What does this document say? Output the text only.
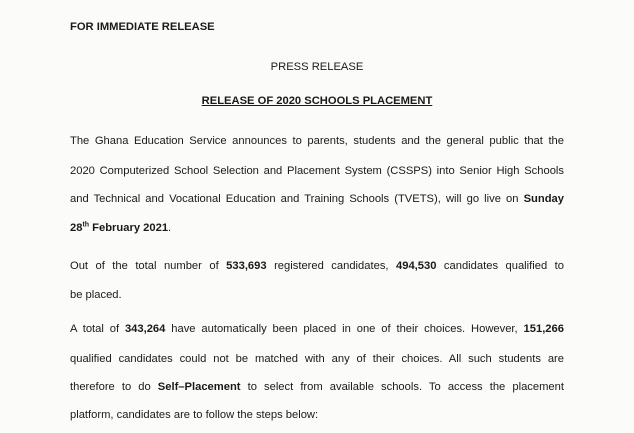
FOR IMMEDIATE RELEASE
PRESS RELEASE
RELEASE OF 2020 SCHOOLS PLACEMENT
The Ghana Education Service announces to parents, students and the general public that the
2020 Computerized School Selection and Placement System (CSSPS) into Senior High Schools
and Technical and Vocational Education and Training Schools (TVETS), will go live on Sunday
28th February 2021.
Out of the total number of 533,693 registered candidates, 494,530 candidates qualified to
be placed.
A total of 343,264 have automatically been placed in one of their choices. However, 151,266
qualified candidates could not be matched with any of their choices. All such students are
therefore to do Self–Placement to select from available schools. To access the placement
platform, candidates are to follow the steps below:
